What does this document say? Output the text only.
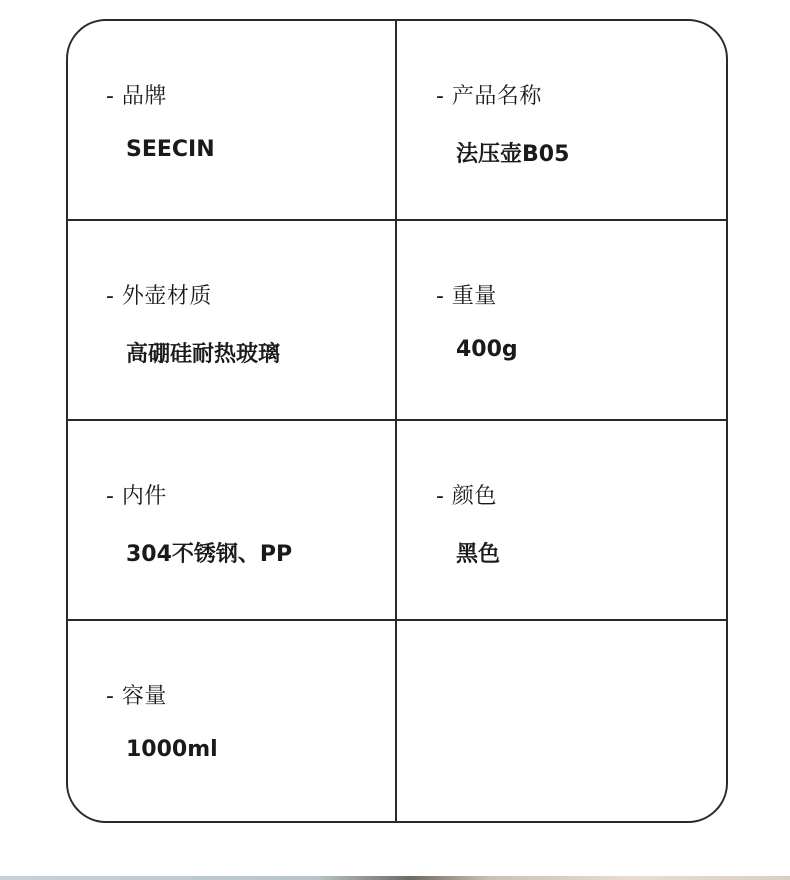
- 品牌
SEECIN
- 产品名称
法压壶B05
- 外壶材质
高硼硅耐热玻璃
- 重量
400g
- 内件
304不锈钢、PP
- 颜色
黑色
- 容量
1000ml
